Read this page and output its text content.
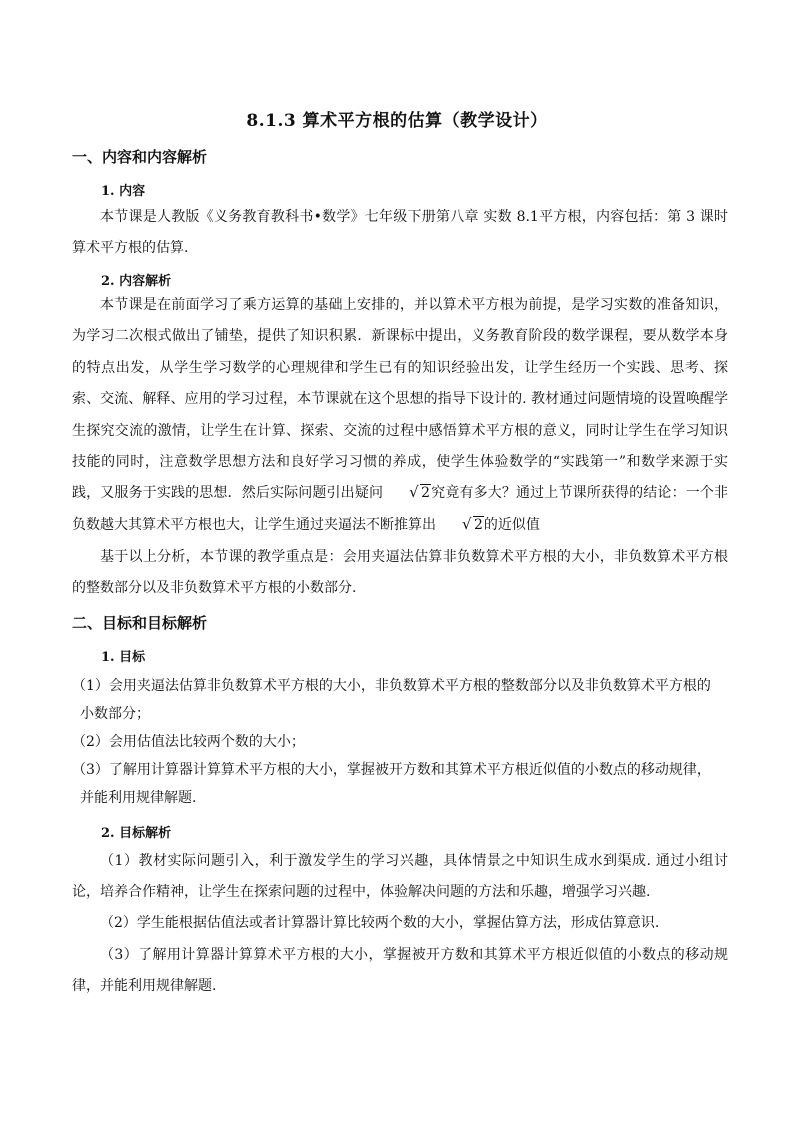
8.1.3 算术平方根的估算（教学设计）
一、内容和内容解析
1. 内容

本节课是人教版《义务教育教科书•数学》七年级下册第八章 实数 8.1平方根，内容包括：第 3 课时算术平方根的估算.

2. 内容解析

本节课是在前面学习了乘方运算的基础上安排的，并以算术平方根为前提，是学习实数的准备知识，为学习二次根式做出了铺垫，提供了知识积累．新课标中提出，义务教育阶段的数学课程，要从数学本身的特点出发，从学生学习数学的心理规律和学生已有的知识经验出发，让学生经历一个实践、思考、探索、交流、解释、应用的学习过程，本节课就在这个思想的指导下设计的. 教材通过问题情境的设置唤醒学生探究交流的激情，让学生在计算、探索、交流的过程中感悟算术平方根的意义，同时让学生在学习知识技能的同时，注意数学思想方法和良好学习习惯的养成，使学生体验数学的“实践第一”和数学来源于实践，又服务于实践的思想．然后实际问题引出疑问	√ 2究竟有多大？通过上节课所获得的结论：一个非负数越大其算术平方根也大，让学生通过夹逼法不断推算出	√ 2的近似值

基于以上分析，本节课的教学重点是：会用夹逼法估算非负数算术平方根的大小，非负数算术平方根的整数部分以及非负数算术平方根的小数部分.

二、目标和目标解析
1. 目标
（1）会用夹逼法估算非负数算术平方根的大小，非负数算术平方根的整数部分以及非负数算术平方根的
小数部分；
（2）会用估值法比较两个数的大小；
（3）了解用计算器计算算术平方根的大小，掌握被开方数和其算术平方根近似值的小数点的移动规律，
并能利用规律解题.
2. 目标解析

（1）教材实际问题引入，利于激发学生的学习兴趣，具体情景之中知识生成水到渠成. 通过小组讨论，培养合作精神，让学生在探索问题的过程中，体验解决问题的方法和乐趣，增强学习兴趣.

（2）学生能根据估值法或者计算器计算比较两个数的大小，掌握估算方法，形成估算意识.

（3）了解用计算器计算算术平方根的大小，掌握被开方数和其算术平方根近似值的小数点的移动规律，并能利用规律解题.
